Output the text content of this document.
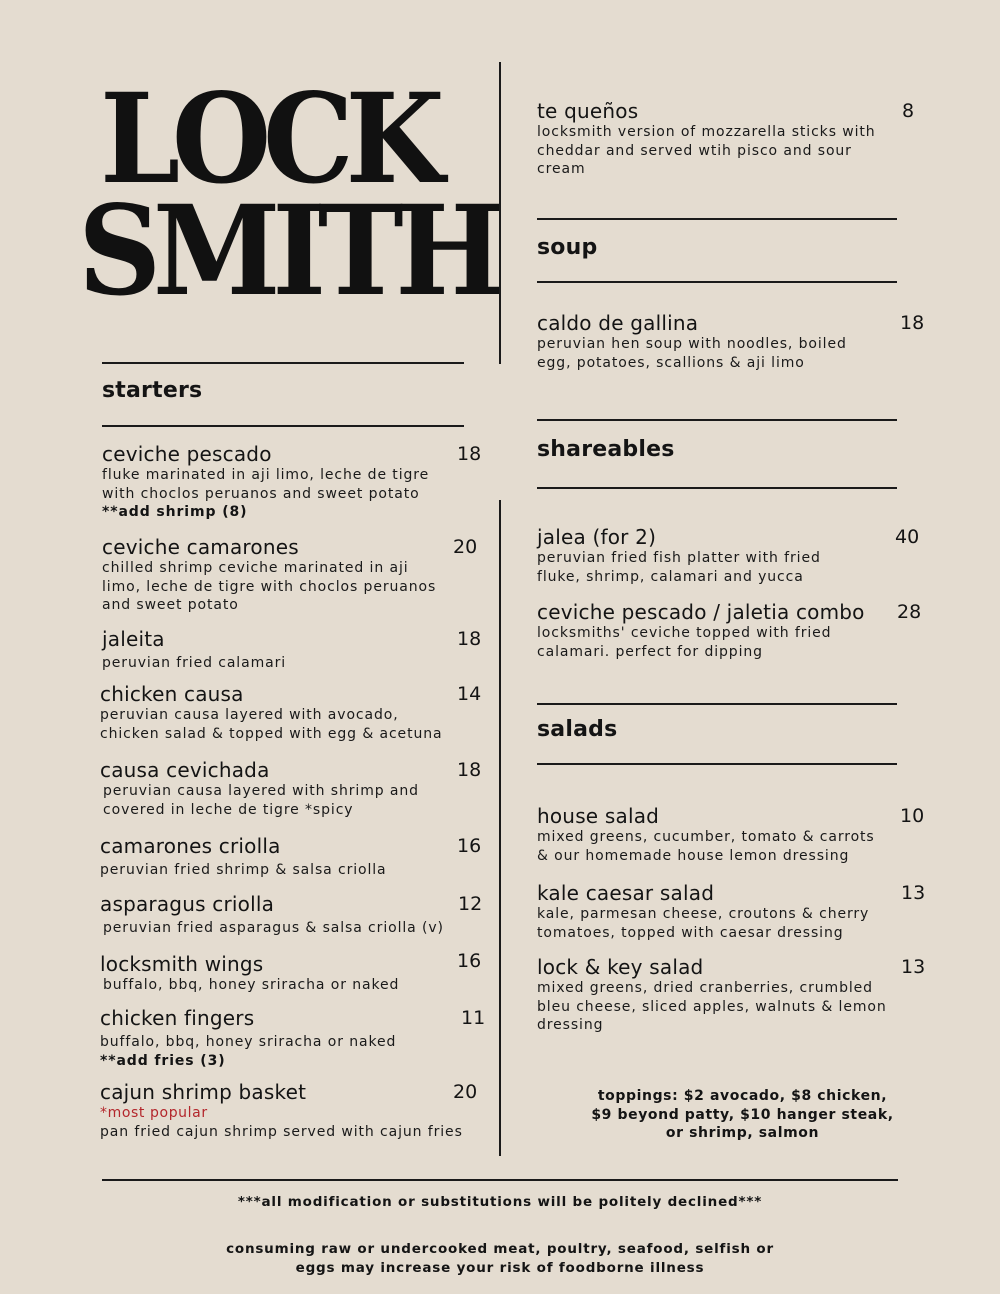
LOCK
SMITH
starters
ceviche pescado	18
fluke marinated in aji limo, leche de tigre
with choclos peruanos and sweet potato
**add shrimp (8)
ceviche camarones	20
chilled shrimp ceviche marinated in aji
limo, leche de tigre with choclos peruanos
and sweet potato
jaleita	18
peruvian fried calamari
chicken causa	14
peruvian causa layered with avocado,
chicken salad & topped with egg & acetuna
causa cevichada	18
peruvian causa layered with shrimp and
covered in leche de tigre *spicy
camarones criolla	16
peruvian fried shrimp & salsa criolla
asparagus criolla	12
peruvian fried asparagus & salsa criolla (v)
locksmith wings	16
buffalo, bbq, honey sriracha or naked
chicken fingers	11
buffalo, bbq, honey sriracha or naked
**add fries (3)
cajun shrimp basket	20
*most popular
pan fried cajun shrimp served with cajun fries
te queños	8
locksmith version of mozzarella sticks with
cheddar and served wtih pisco and sour
cream
soup
caldo de gallina	18
peruvian hen soup with noodles, boiled
egg, potatoes, scallions & aji limo
shareables
jalea (for 2)	40
peruvian fried fish platter with fried
fluke, shrimp, calamari and yucca
ceviche pescado / jaletia combo	28
locksmiths' ceviche topped with fried
calamari. perfect for dipping
salads
house salad	10
mixed greens, cucumber, tomato & carrots
& our homemade house lemon dressing
kale caesar salad	13
kale, parmesan cheese, croutons & cherry
tomatoes, topped with caesar dressing
lock & key salad	13
mixed greens, dried cranberries, crumbled
bleu cheese, sliced apples, walnuts & lemon
dressing
toppings: $2 avocado, $8 chicken,
$9 beyond patty, $10 hanger steak,
or shrimp, salmon
***all modification or substitutions will be politely declined***
consuming raw or undercooked meat, poultry, seafood, selfish or
eggs may increase your risk of foodborne illness
